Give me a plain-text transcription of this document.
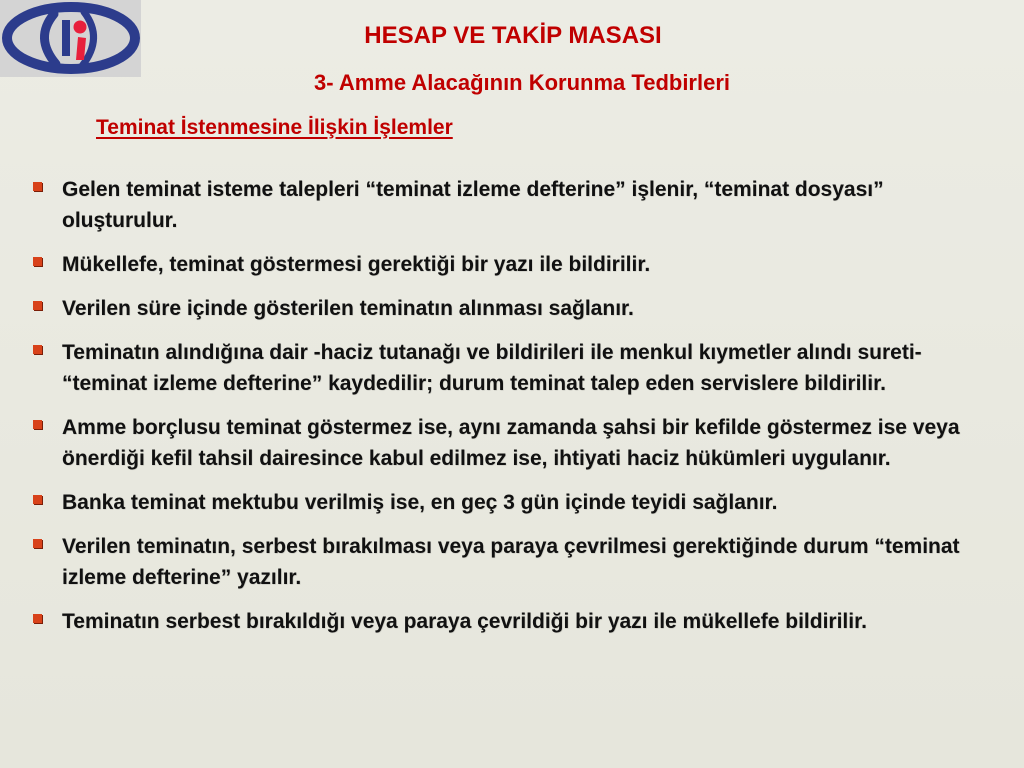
HESAP VE TAKİP MASASI
3- Amme Alacağının Korunma Tedbirleri
Teminat İstenmesine İlişkin İşlemler
Gelen teminat isteme talepleri “teminat izleme defterine” işlenir, “teminat dosyası” oluşturulur.
Mükellefe, teminat göstermesi gerektiği bir yazı ile bildirilir.
Verilen süre içinde gösterilen teminatın alınması sağlanır.
Teminatın alındığına dair -haciz tutanağı ve bildirileri ile menkul kıymetler alındı sureti- “teminat izleme defterine” kaydedilir; durum teminat talep eden servislere bildirilir.
Amme borçlusu teminat göstermez ise, aynı zamanda şahsi bir kefilde göstermez ise veya önerdiği kefil tahsil dairesince kabul edilmez ise, ihtiyati haciz hükümleri uygulanır.
Banka teminat mektubu verilmiş ise, en geç 3 gün içinde teyidi sağlanır.
Verilen teminatın, serbest bırakılması veya paraya çevrilmesi gerektiğinde durum “teminat izleme defterine” yazılır.
Teminatın serbest bırakıldığı veya paraya çevrildiği bir yazı ile mükellefe bildirilir.
